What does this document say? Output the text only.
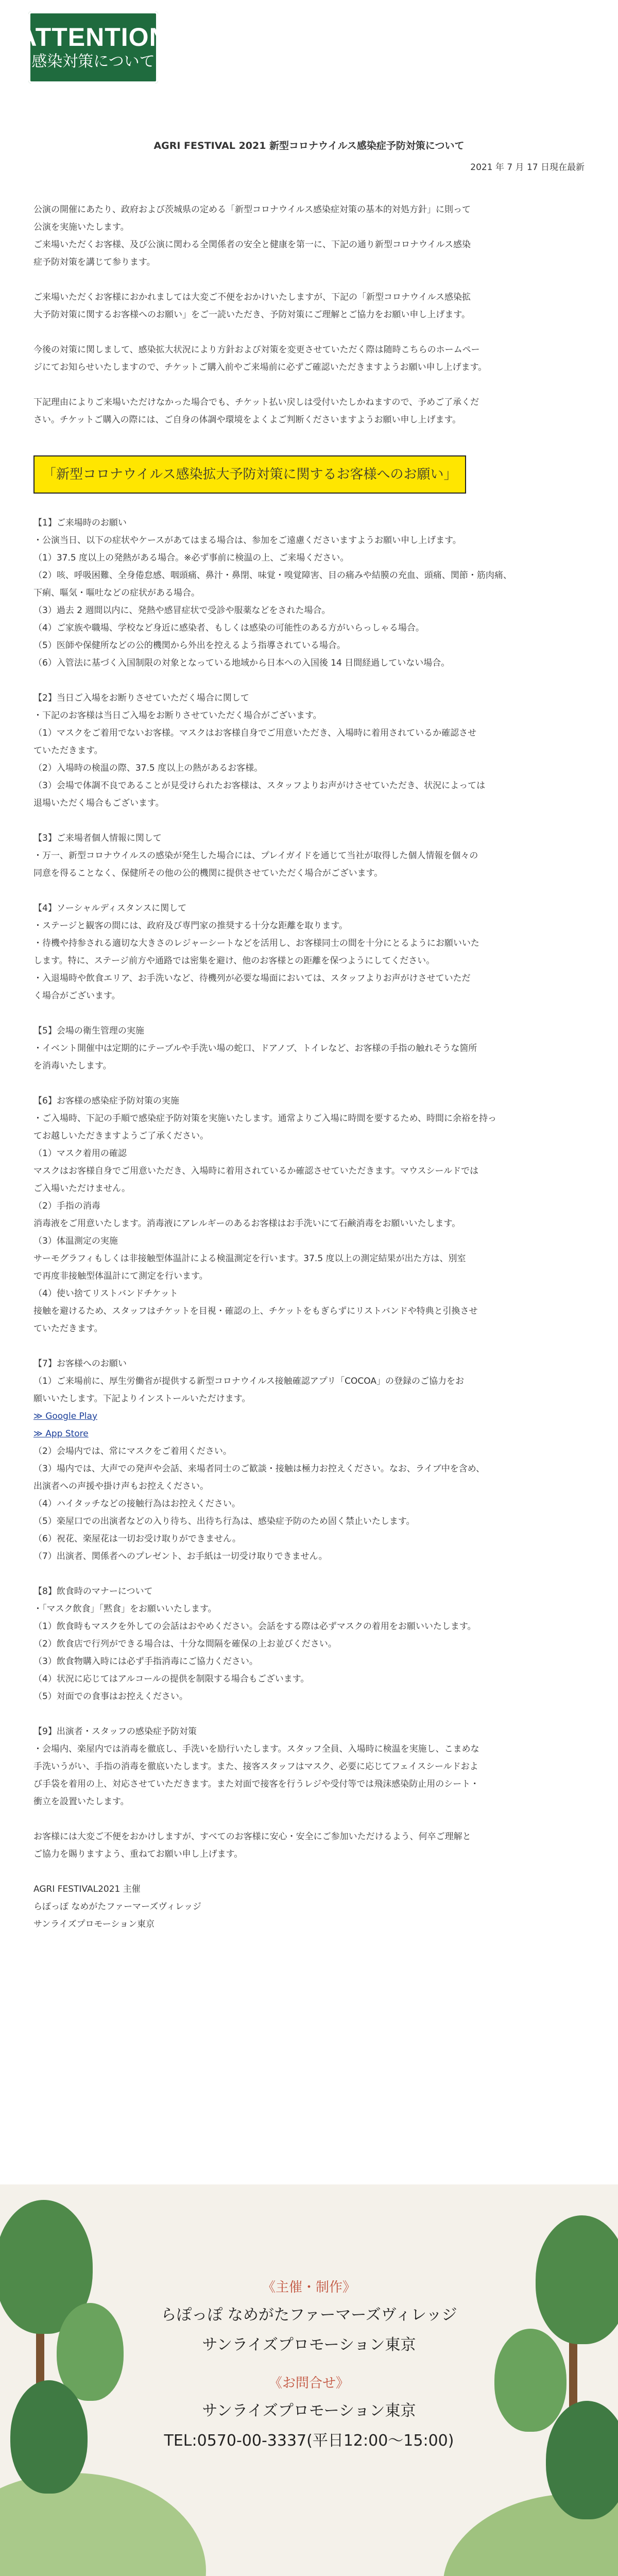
ATTENTION
感染対策について

AGRI FESTIVAL 2021 新型コロナウイルス感染症予防対策について

2021 年 7 月 17 日現在最新

公演の開催にあたり、政府および茨城県の定める「新型コロナウイルス感染症対策の基本的対処方針」に則って
公演を実施いたします。
ご来場いただくお客様、及び公演に関わる全関係者の安全と健康を第一に、下記の通り新型コロナウイルス感染
症予防対策を講じて参ります。

ご来場いただくお客様におかれましては大変ご不便をおかけいたしますが、下記の「新型コロナウイルス感染拡
大予防対策に関するお客様へのお願い」をご一読いただき、予防対策にご理解とご協力をお願い申し上げます。

今後の対策に関しまして、感染拡大状況により方針および対策を変更させていただく際は随時こちらのホームペー
ジにてお知らせいたしますので、チケットご購入前やご来場前に必ずご確認いただきますようお願い申し上げます。

下記理由によりご来場いただけなかった場合でも、チケット払い戻しは受付いたしかねますので、予めご了承くだ
さい。チケットご購入の際には、ご自身の体調や環境をよくよご判断くださいますようお願い申し上げます。

「新型コロナウイルス感染拡大予防対策に関するお客様へのお願い」

【1】ご来場時のお願い

・公演当日、以下の症状やケースがあてはまる場合は、参加をご遠慮くださいますようお願い申し上げます。

（1）37.5 度以上の発熱がある場合。※必ず事前に検温の上、ご来場ください。

（2）咳、呼吸困難、全身倦怠感、咽頭痛、鼻汁・鼻閉、味覚・嗅覚障害、目の痛みや結膜の充血、頭痛、関節・筋肉痛、

下痢、嘔気・嘔吐などの症状がある場合。

（3）過去 2 週間以内に、発熱や感冒症状で受診や服薬などをされた場合。

（4）ご家族や職場、学校など身近に感染者、もしくは感染の可能性のある方がいらっしゃる場合。

（5）医師や保健所などの公的機関から外出を控えるよう指導されている場合。

（6）入管法に基づく入国制限の対象となっている地域から日本への入国後 14 日間経過していない場合。

【2】当日ご入場をお断りさせていただく場合に関して

・下記のお客様は当日ご入場をお断りさせていただく場合がございます。

（1）マスクをご着用でないお客様。マスクはお客様自身でご用意いただき、入場時に着用されているか確認させ

ていただきます。

（2）入場時の検温の際、37.5 度以上の熱があるお客様。

（3）会場で体調不良であることが見受けられたお客様は、スタッフよりお声がけさせていただき、状況によっては

退場いただく場合もございます。

【3】ご来場者個人情報に関して

・万一、新型コロナウイルスの感染が発生した場合には、プレイガイドを通じて当社が取得した個人情報を個々の

同意を得ることなく、保健所その他の公的機関に提供させていただく場合がございます。

【4】ソーシャルディスタンスに関して

・ステージと観客の間には、政府及び専門家の推奨する十分な距離を取ります。

・待機や持参される適切な大きさのレジャーシートなどを活用し、お客様同士の間を十分にとるようにお願いいた

します。特に、ステージ前方や通路では密集を避け、他のお客様との距離を保つようにしてください。

・入退場時や飲食エリア、お手洗いなど、待機列が必要な場面においては、スタッフよりお声がけさせていただ

く場合がございます。

【5】会場の衛生管理の実施

・イベント開催中は定期的にテーブルや手洗い場の蛇口、ドアノブ、トイレなど、お客様の手指の触れそうな箇所

を消毒いたします。

【6】お客様の感染症予防対策の実施

・ご入場時、下記の手順で感染症予防対策を実施いたします。通常よりご入場に時間を要するため、時間に余裕を持っ

てお越しいただきますようご了承ください。

（1）マスク着用の確認

マスクはお客様自身でご用意いただき、入場時に着用されているか確認させていただきます。マウスシールドでは

ご入場いただけません。

（2）手指の消毒

消毒液をご用意いたします。消毒液にアレルギーのあるお客様はお手洗いにて石鹸消毒をお願いいたします。

（3）体温測定の実施

サーモグラフィもしくは非接触型体温計による検温測定を行います。37.5 度以上の測定結果が出た方は、別室

で再度非接触型体温計にて測定を行います。

（4）使い捨てリストバンドチケット

接触を避けるため、スタッフはチケットを目視・確認の上、チケットをもぎらずにリストバンドや特典と引換させ

ていただきます。

【7】お客様へのお願い

（1）ご来場前に、厚生労働省が提供する新型コロナウイルス接触確認アプリ「COCOA」の登録のご協力をお

願いいたします。下記よりインストールいただけます。

≫ Google Play

≫ App Store

（2）会場内では、常にマスクをご着用ください。

（3）場内では、大声での発声や会話、来場者同士のご歓談・接触は極力お控えください。なお、ライブ中を含め、

出演者への声援や掛け声もお控えください。

（4）ハイタッチなどの接触行為はお控えください。

（5）楽屋口での出演者などの入り待ち、出待ち行為は、感染症予防のため固く禁止いたします。

（6）祝花、楽屋花は一切お受け取りができません。

（7）出演者、関係者へのプレゼント、お手紙は一切受け取りできません。

【8】飲食時のマナーについて

・「マスク飲食」「黙食」をお願いいたします。

（1）飲食時もマスクを外しての会話はおやめください。会話をする際は必ずマスクの着用をお願いいたします。

（2）飲食店で行列ができる場合は、十分な間隔を確保の上お並びください。

（3）飲食物購入時には必ず手指消毒にご協力ください。

（4）状況に応じてはアルコールの提供を制限する場合もございます。

（5）対面での食事はお控えください。

【9】出演者・スタッフの感染症予防対策

・会場内、楽屋内では消毒を徹底し、手洗いを励行いたします。スタッフ全員、入場時に検温を実施し、こまめな

手洗いうがい、手指の消毒を徹底いたします。また、接客スタッフはマスク、必要に応じてフェイスシールドおよ

び手袋を着用の上、対応させていただきます。また対面で接客を行うレジや受付等では飛沫感染防止用のシート・

衝立を設置いたします。

お客様には大変ご不便をおかけしますが、すべてのお客様に安心・安全にご参加いただけるよう、何卒ご理解と
ご協力を賜りますよう、重ねてお願い申し上げます。

AGRI FESTIVAL2021 主催

らぽっぽ なめがたファーマーズヴィレッジ

サンライズプロモーション東京

《主催・制作》

らぽっぽ なめがたファーマーズヴィレッジ

サンライズプロモーション東京

《お問合せ》

サンライズプロモーション東京

TEL:0570-00-3337(平日12:00～15:00)
